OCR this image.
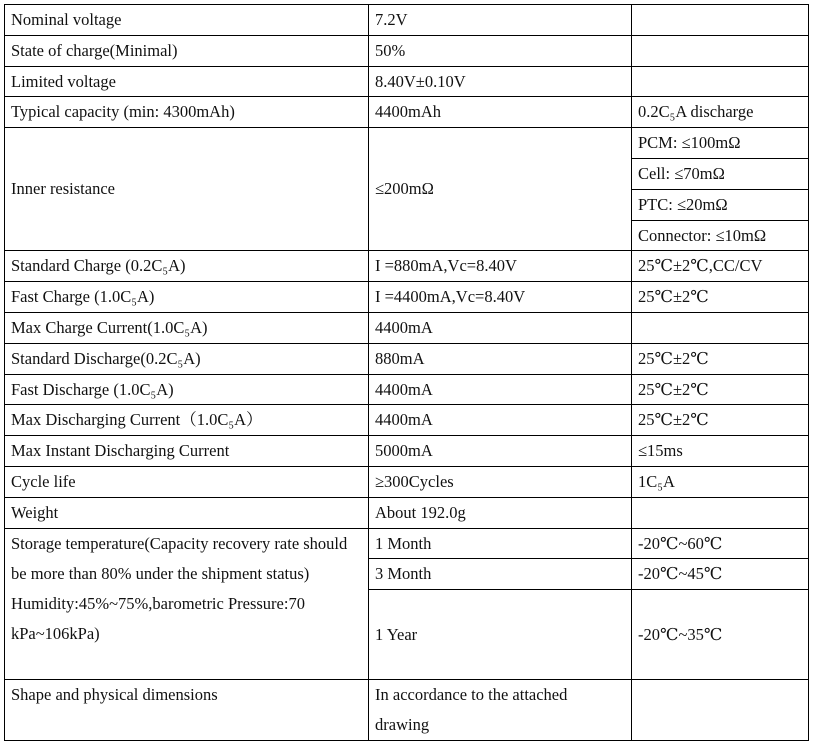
Nominal voltage	7.2V	
State of charge(Minimal)	50%	
Limited voltage	8.40V±0.10V	
Typical capacity (min: 4300mAh)	4400mAh	0.2C₅A discharge
Inner resistance	≤200mΩ	PCM: ≤100mΩ
		Cell: ≤70mΩ
		PTC: ≤20mΩ
		Connector: ≤10mΩ
Standard Charge (0.2C₅A)	I =880mA,Vc=8.40V	25℃±2℃,CC/CV
Fast Charge (1.0C₅A)	I =4400mA,Vc=8.40V	25℃±2℃
Max Charge Current(1.0C₅A)	4400mA	
Standard Discharge(0.2C₅A)	880mA	25℃±2℃
Fast Discharge (1.0C₅A)	4400mA	25℃±2℃
Max Discharging Current（1.0C₅A）	4400mA	25℃±2℃
Max Instant Discharging Current	5000mA	≤15ms
Cycle life	≥300Cycles	1C₅A
Weight	About 192.0g	
Storage temperature(Capacity recovery rate should be more than 80% under the shipment status) Humidity:45%~75%,barometric Pressure:70 kPa~106kPa)	1 Month	-20℃~60℃
	3 Month	-20℃~45℃
	1 Year	-20℃~35℃
Shape and physical dimensions	In accordance to the attached drawing	
